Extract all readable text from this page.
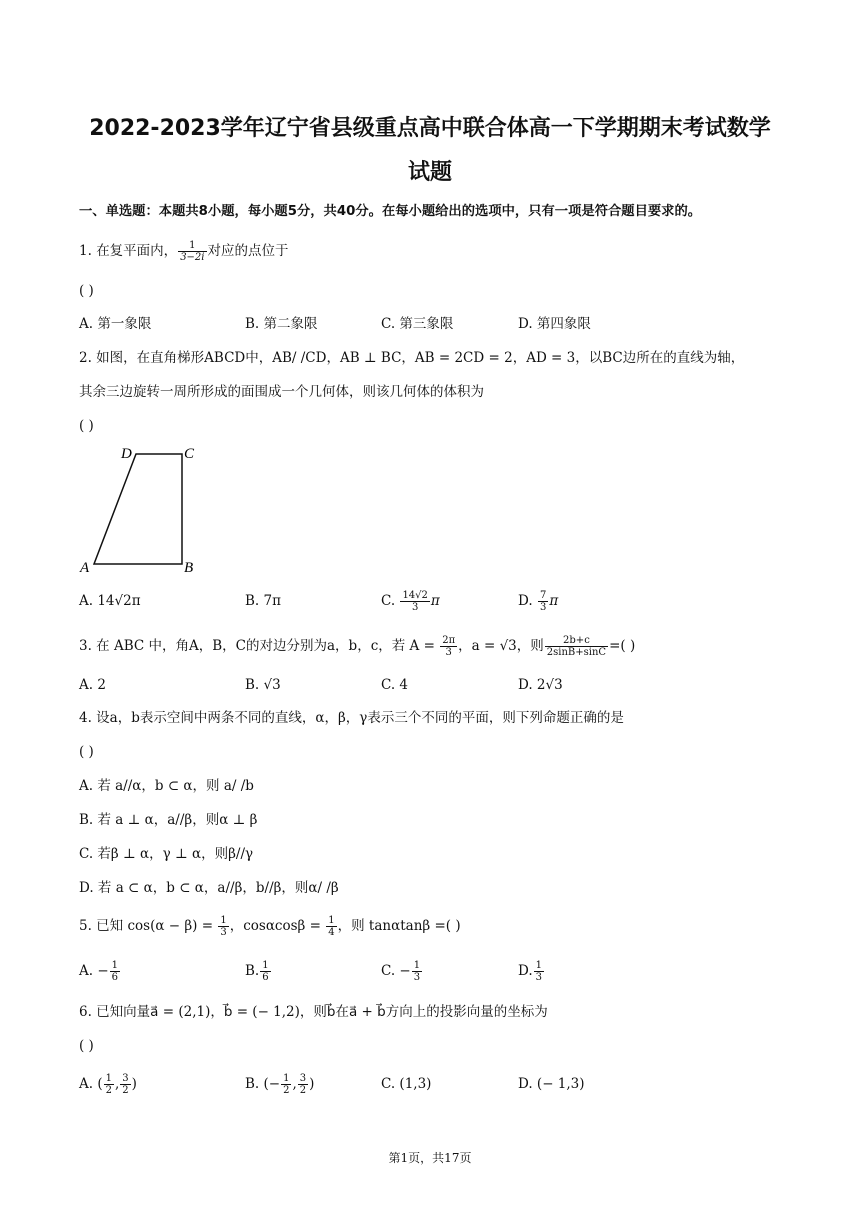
2022-2023学年辽宁省县级重点高中联合体高一下学期期末考试数学
试题
一、单选题：本题共8小题，每小题5分，共40分。在每小题给出的选项中，只有一项是符合题目要求的。
1. 在复平面内， $\frac{1}{3-2i}$ 对应的点位于
( )
A. 第一象限	B. 第二象限	C. 第三象限	D. 第四象限
2. 如图，在直角梯形ABCD中，AB/ /CD，AB ⊥ BC，AB = 2CD = 2，AD = 3，以BC边所在的直线为轴，
其余三边旋转一周所形成的面围成一个几何体，则该几何体的体积为
( )
D	C
A	B
A. 14√2π	B. 7π	C. $\frac{14√2}{3}$ π	D. $\frac{7}{3}$ π
3. 在 ABC 中，角A，B，C的对边分别为a，b，c，若 $A = \frac{2\pi}{3}$ ，a = √3，则 $\frac{2b+c}{2\sin B+\sin C}$ =( )
A. 2	B. √3	C. 4	D. 2√3
4. 设a，b表示空间中两条不同的直线，α，β，γ表示三个不同的平面，则下列命题正确的是
( )
A. 若 a//α，b ⊂ α，则 a/ /b
B. 若 a ⊥ α，a//β，则α ⊥ β
C. 若β ⊥ α，γ ⊥ α，则β//γ
D. 若 a ⊂ α，b ⊂ α，a//β，b//β，则α/ /β
5. 已知 $\cos(\alpha - \beta) = \frac{1}{3}$ ，$\cos\alpha\cos\beta = \frac{1}{4}$ ，则 tanαtanβ =( )
A. − $\frac{1}{6}$	B. $\frac{1}{6}$	C. − $\frac{1}{3}$	D. $\frac{1}{3}$
6. 已知向量a⃗ = (2,1)，b⃗ = (− 1,2)，则b⃗在a⃗ + b⃗方向上的投影向量的坐标为
( )
A. ( $\frac{1}{2}$ , $\frac{3}{2}$ )	B. (− $\frac{1}{2}$ , $\frac{3}{2}$ )	C. (1,3)	D. (− 1,3)
第1页，共17页
